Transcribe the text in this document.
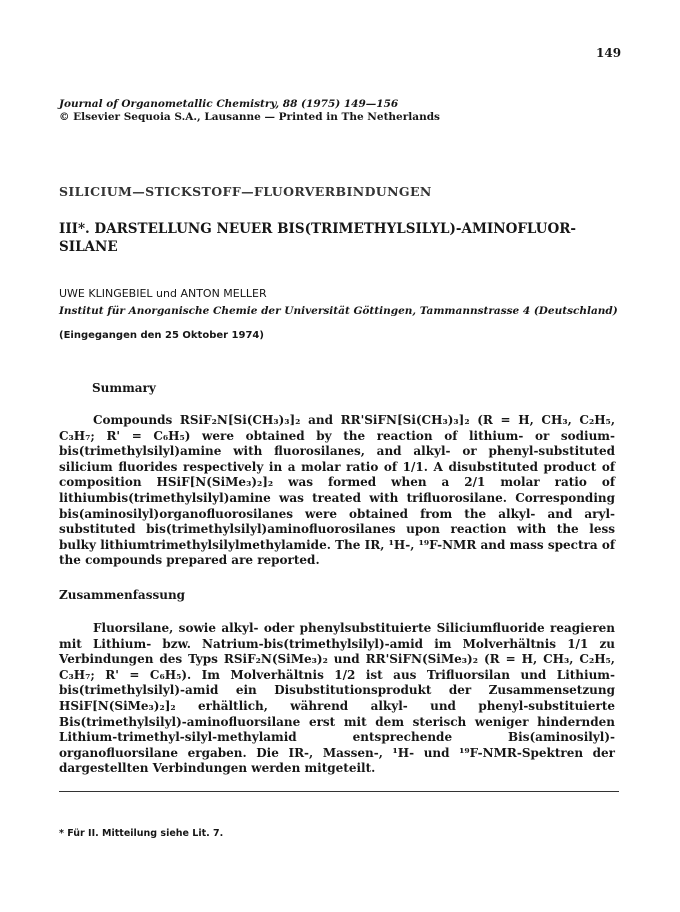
149
Journal of Organometallic Chemistry, 88 (1975) 149—156
© Elsevier Sequoia S.A., Lausanne — Printed in The Netherlands
SILICIUM—STICKSTOFF—FLUORVERBINDUNGEN
III*. DARSTELLUNG NEUER BIS(TRIMETHYLSILYL)-AMINOFLUOR-SILANE
UWE KLINGEBIEL und ANTON MELLER
Institut für Anorganische Chemie der Universität Göttingen, Tammannstrasse 4 (Deutschland)
(Eingegangen den 25 Oktober 1974)
Summary
Compounds RSiF₂N[Si(CH₃)₃]₂ and RR'SiFN[Si(CH₃)₃]₂ (R = H, CH₃, C₂H₅, C₃H₇; R' = C₆H₅) were obtained by the reaction of lithium- or sodium-bis(trimethylsilyl)amine with fluorosilanes, and alkyl- or phenyl-substituted silicium fluorides respectively in a molar ratio of 1/1. A disubstituted product of composition HSiF[N(SiMe₃)₂]₂ was formed when a 2/1 molar ratio of lithiumbis(trimethylsilyl)amine was treated with trifluorosilane. Corresponding bis(aminosilyl)organofluorosilanes were obtained from the alkyl- and aryl-substituted bis(trimethylsilyl)aminofluorosilanes upon reaction with the less bulky lithiumtrimethylsilylmethylamide. The IR, ¹H-, ¹⁹F-NMR and mass spectra of the compounds prepared are reported.
Zusammenfassung
Fluorsilane, sowie alkyl- oder phenylsubstituierte Siliciumfluoride reagieren mit Lithium- bzw. Natrium-bis(trimethylsilyl)-amid im Molverhältnis 1/1 zu Verbindungen des Typs RSiF₂N(SiMe₃)₂ und RR'SiFN(SiMe₃)₂ (R = H, CH₃, C₂H₅, C₃H₇; R' = C₆H₅). Im Molverhältnis 1/2 ist aus Trifluorsilan und Lithium-bis(trimethylsilyl)-amid ein Disubstitutionsprodukt der Zusammensetzung HSiF[N(SiMe₃)₂]₂ erhältlich, während alkyl- und phenyl-substituierte Bis(trimethylsilyl)-aminofluorsilane erst mit dem sterisch weniger hindernden Lithium-trimethyl-silyl-methylamid entsprechende Bis(aminosilyl)-organofluorsilane ergaben. Die IR-, Massen-, ¹H- und ¹⁹F-NMR-Spektren der dargestellten Verbindungen werden mitgeteilt.
* Für II. Mitteilung siehe Lit. 7.
